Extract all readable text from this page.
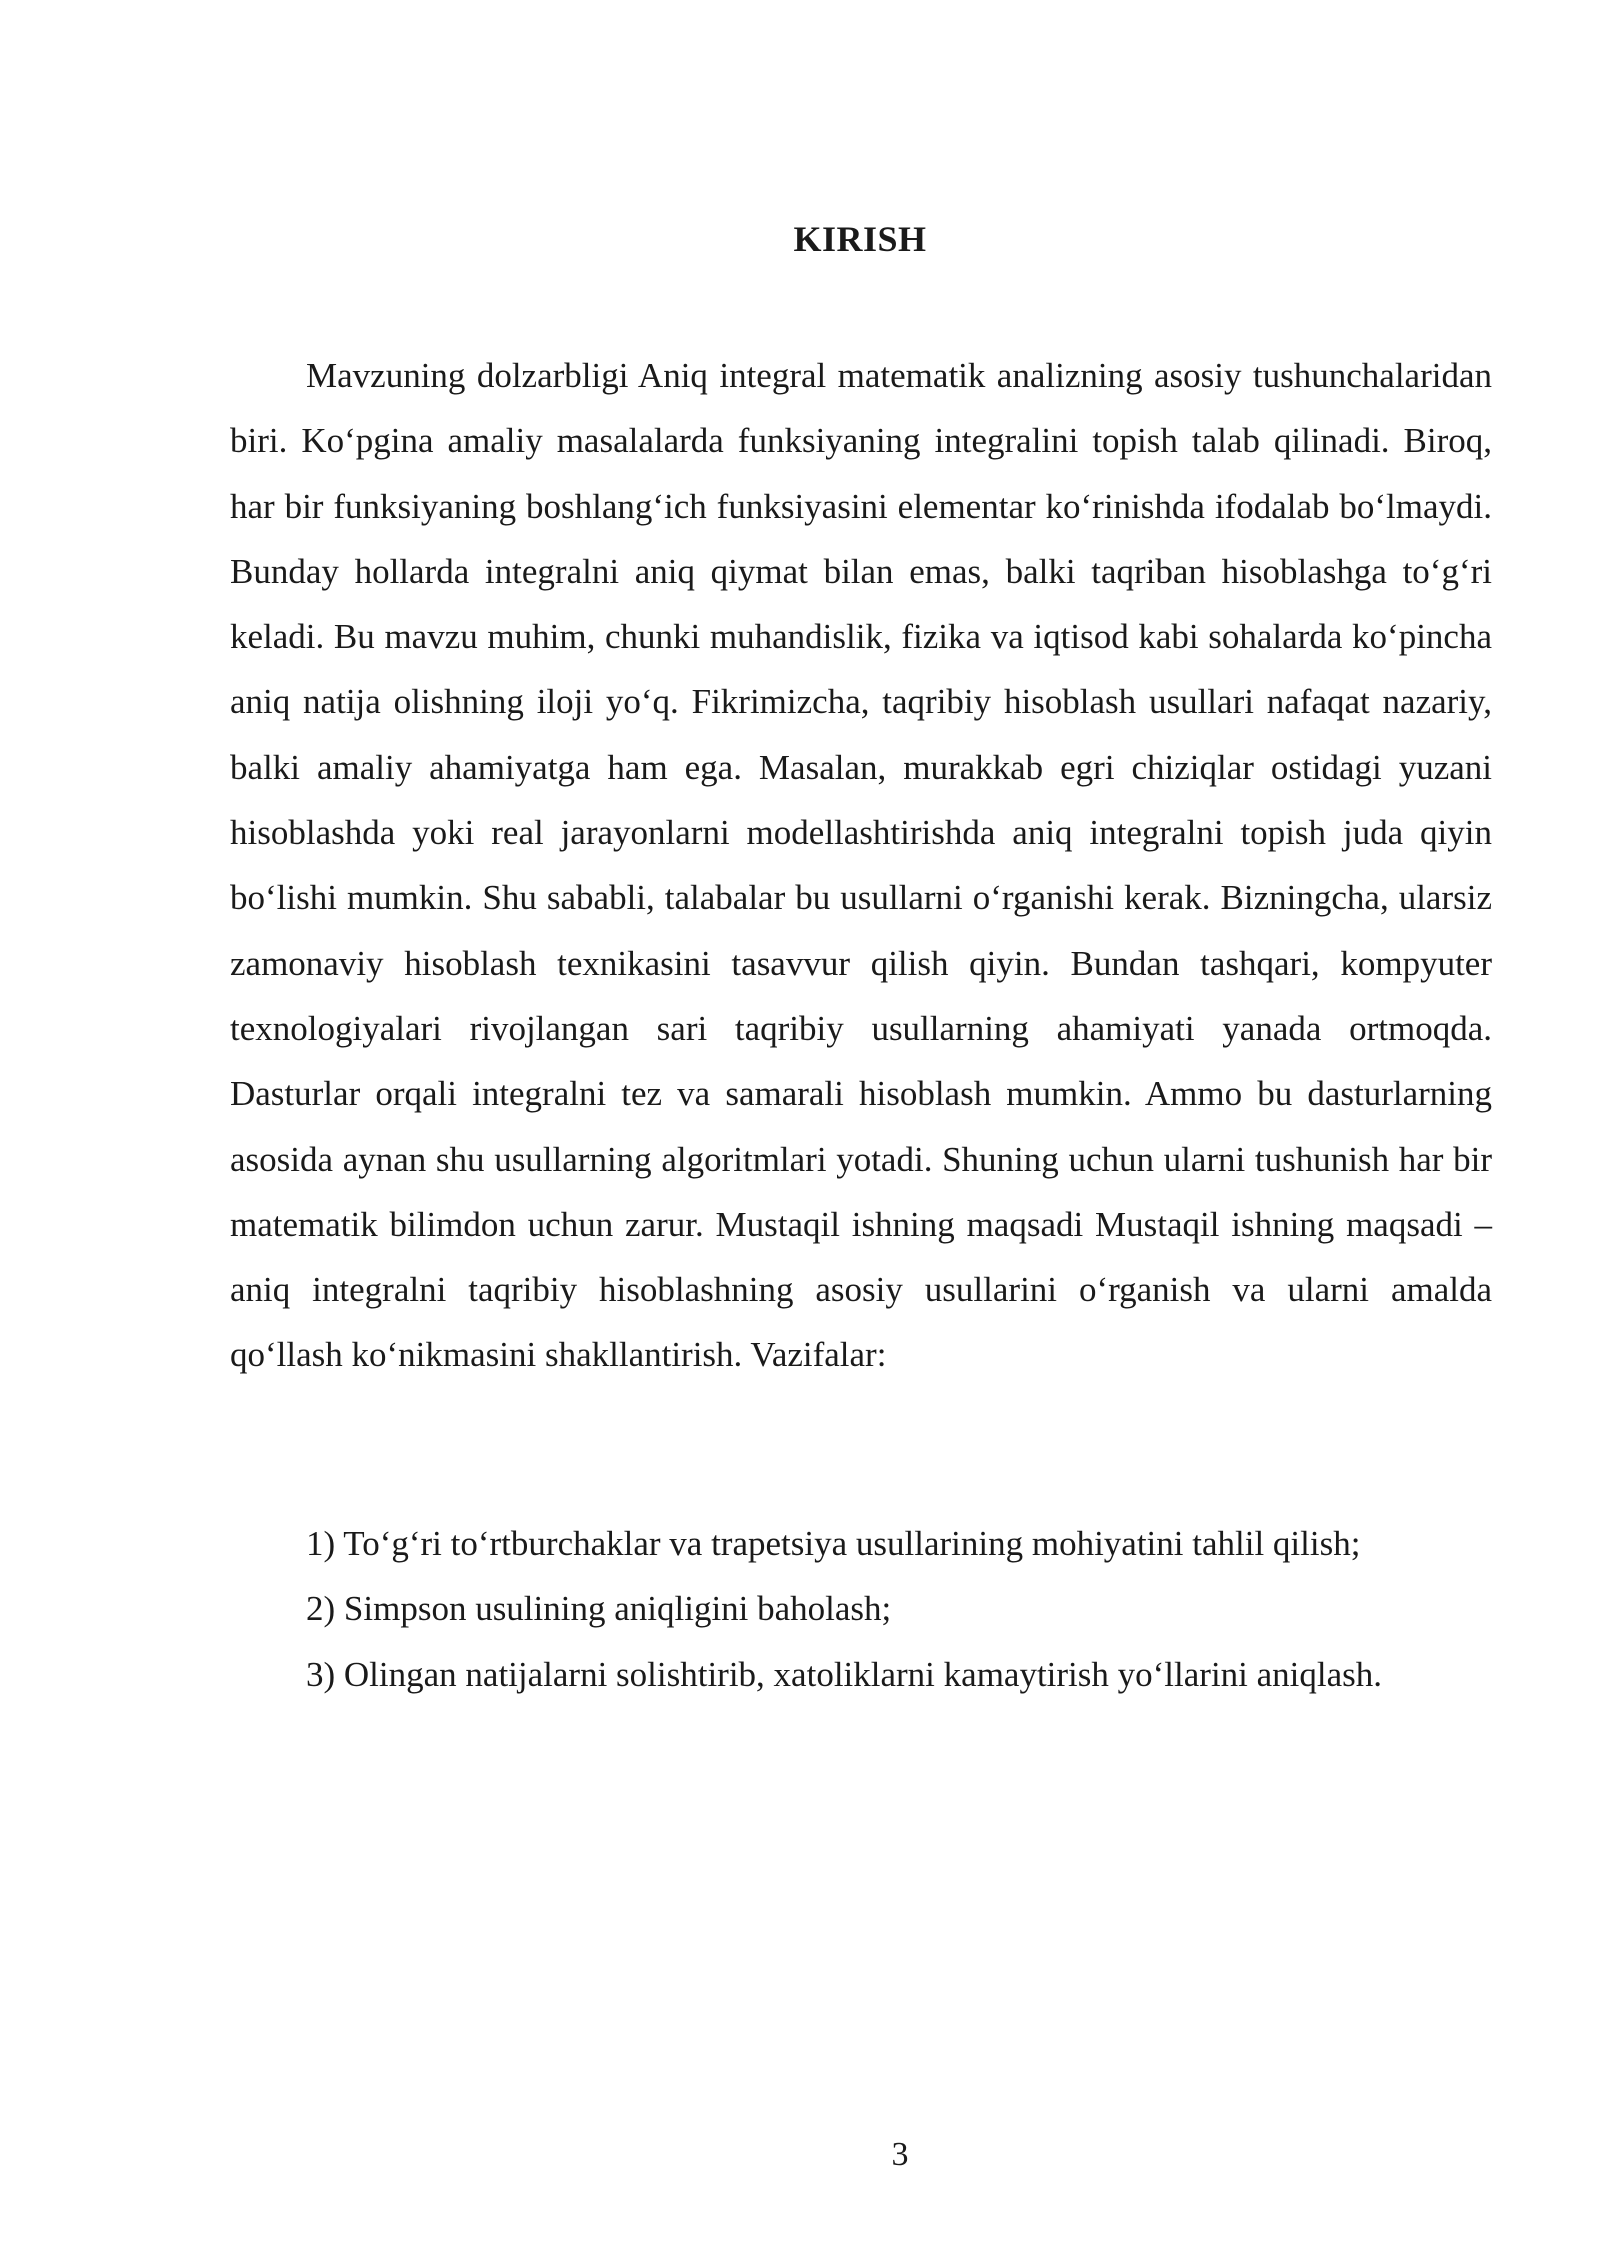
KIRISH

Mavzuning dolzarbligi Aniq integral matematik analizning asosiy tushunchalaridan biri. Ko‘pgina amaliy masalalarda funksiyaning integralini topish talab qilinadi. Biroq, har bir funksiyaning boshlang‘ich funksiyasini elementar ko‘rinishda ifodalab bo‘lmaydi. Bunday hollarda integralni aniq qiymat bilan emas, balki taqriban hisoblashga to‘g‘ri keladi. Bu mavzu muhim, chunki muhandislik, fizika va iqtisod kabi sohalarda ko‘pincha aniq natija olishning iloji yo‘q. Fikrimizcha, taqribiy hisoblash usullari nafaqat nazariy, balki amaliy ahamiyatga ham ega. Masalan, murakkab egri chiziqlar ostidagi yuzani hisoblashda yoki real jarayonlarni modellashtirishda aniq integralni topish juda qiyin bo‘lishi mumkin. Shu sababli, talabalar bu usullarni o‘rganishi kerak. Bizningcha, ularsiz zamonaviy hisoblash texnikasini tasavvur qilish qiyin. Bundan tashqari, kompyuter texnologiyalari rivojlangan sari taqribiy usullarning ahamiyati yanada ortmoqda. Dasturlar orqali integralni tez va samarali hisoblash mumkin. Ammo bu dasturlarning asosida aynan shu usullarning algoritmlari yotadi. Shuning uchun ularni tushunish har bir matematik bilimdon uchun zarur. Mustaqil ishning maqsadi Mustaqil ishning maqsadi – aniq integralni taqribiy hisoblashning asosiy usullarini o‘rganish va ularni amalda qo‘llash ko‘nikmasini shakllantirish. Vazifalar:

1) To‘g‘ri to‘rtburchaklar va trapetsiya usullarining mohiyatini tahlil qilish;
2) Simpson usulining aniqligini baholash;
3) Olingan natijalarni solishtirib, xatoliklarni kamaytirish yo‘llarini aniqlash.
3
